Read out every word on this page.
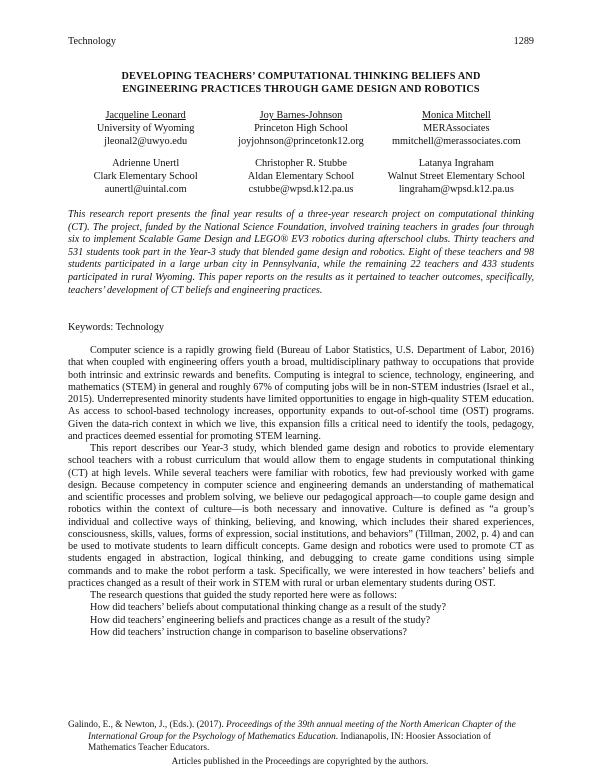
Technology	1289
DEVELOPING TEACHERS’ COMPUTATIONAL THINKING BELIEFS AND
ENGINEERING PRACTICES THROUGH GAME DESIGN AND ROBOTICS
Jacqueline Leonard
University of Wyoming
jleonal2@uwyo.edu
Joy Barnes-Johnson
Princeton High School
joyjohnson@princetonk12.org
Monica Mitchell
MERAssociates
mmitchell@merassociates.com
Adrienne Unertl
Clark Elementary School
aunertl@uintal.com
Christopher R. Stubbe
Aldan Elementary School
cstubbe@wpsd.k12.pa.us
Latanya Ingraham
Walnut Street Elementary School
lingraham@wpsd.k12.pa.us
This research report presents the final year results of a three-year research project on computational thinking (CT). The project, funded by the National Science Foundation, involved training teachers in grades four through six to implement Scalable Game Design and LEGO® EV3 robotics during afterschool clubs. Thirty teachers and 531 students took part in the Year-3 study that blended game design and robotics. Eight of these teachers and 98 students participated in a large urban city in Pennsylvania, while the remaining 22 teachers and 433 students participated in rural Wyoming. This paper reports on the results as it pertained to teacher outcomes, specifically, teachers’ development of CT beliefs and engineering practices.
Keywords: Technology

Computer science is a rapidly growing field (Bureau of Labor Statistics, U.S. Department of Labor, 2016) that when coupled with engineering offers youth a broad, multidisciplinary pathway to occupations that provide both intrinsic and extrinsic rewards and benefits. Computing is integral to science, technology, engineering, and mathematics (STEM) in general and roughly 67% of computing jobs will be in non-STEM industries (Israel et al., 2015). Underrepresented minority students have limited opportunities to engage in high-quality STEM education. As access to school-based technology increases, opportunity expands to out-of-school time (OST) programs. Given the data-rich context in which we live, this expansion fills a critical need to identify the tools, pedagogy, and practices deemed essential for promoting STEM learning.

This report describes our Year-3 study, which blended game design and robotics to provide elementary school teachers with a robust curriculum that would allow them to engage students in computational thinking (CT) at high levels. While several teachers were familiar with robotics, few had previously worked with game design. Because competency in computer science and engineering demands an understanding of mathematical and scientific processes and problem solving, we believe our pedagogical approach—to couple game design and robotics within the context of culture—is both necessary and innovative. Culture is defined as “a group’s individual and collective ways of thinking, believing, and knowing, which includes their shared experiences, consciousness, skills, values, forms of expression, social institutions, and behaviors” (Tillman, 2002, p. 4) and can be used to motivate students to learn difficult concepts. Game design and robotics were used to promote CT as students engaged in abstraction, logical thinking, and debugging to create game conditions using simple commands and to make the robot perform a task. Specifically, we were interested in how teachers’ beliefs and practices changed as a result of their work in STEM with rural or urban elementary students during OST.

The research questions that guided the study reported here were as follows:

How did teachers’ beliefs about computational thinking change as a result of the study?

How did teachers’ engineering beliefs and practices change as a result of the study?

How did teachers’ instruction change in comparison to baseline observations?

Galindo, E., & Newton, J., (Eds.). (2017). Proceedings of the 39th annual meeting of the North American Chapter of the International Group for the Psychology of Mathematics Education. Indianapolis, IN: Hoosier Association of Mathematics Teacher Educators.
Articles published in the Proceedings are copyrighted by the authors.
